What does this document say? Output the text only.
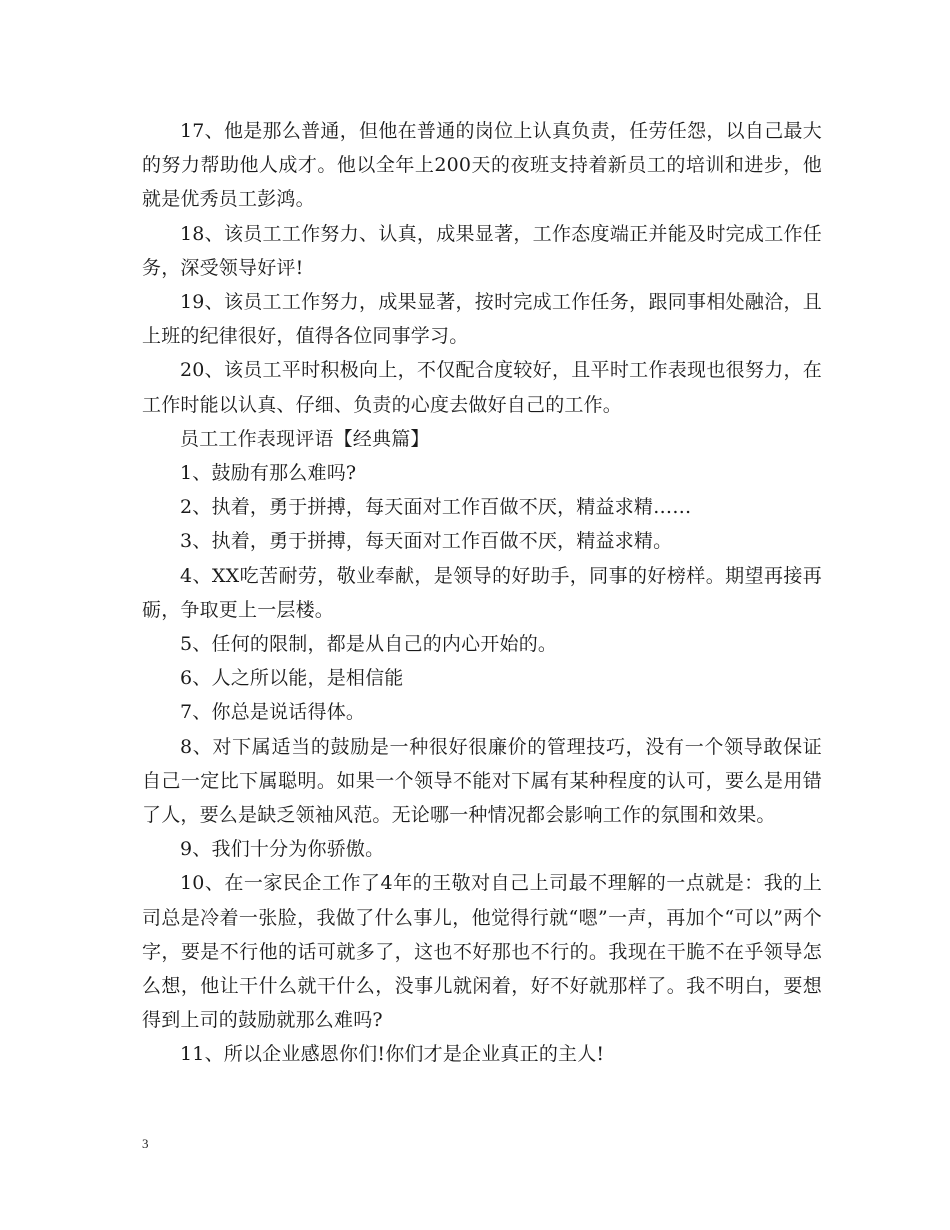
17、他是那么普通，但他在普通的岗位上认真负责，任劳任怨，以自己最大的努力帮助他人成才。他以全年上200天的夜班支持着新员工的培训和进步，他就是优秀员工彭鸿。

18、该员工工作努力、认真，成果显著，工作态度端正并能及时完成工作任务，深受领导好评!

19、该员工工作努力，成果显著，按时完成工作任务，跟同事相处融洽，且上班的纪律很好，值得各位同事学习。

20、该员工平时积极向上，不仅配合度较好，且平时工作表现也很努力，在工作时能以认真、仔细、负责的心度去做好自己的工作。

员工工作表现评语【经典篇】

1、鼓励有那么难吗?

2、执着，勇于拼搏，每天面对工作百做不厌，精益求精……

3、执着，勇于拼搏，每天面对工作百做不厌，精益求精。

4、XX吃苦耐劳，敬业奉献，是领导的好助手，同事的好榜样。期望再接再砺，争取更上一层楼。

5、任何的限制，都是从自己的内心开始的。

6、人之所以能，是相信能

7、你总是说话得体。

8、对下属适当的鼓励是一种很好很廉价的管理技巧，没有一个领导敢保证自己一定比下属聪明。如果一个领导不能对下属有某种程度的认可，要么是用错了人，要么是缺乏领袖风范。无论哪一种情况都会影响工作的氛围和效果。

9、我们十分为你骄傲。

10、在一家民企工作了4年的王敬对自己上司最不理解的一点就是：我的上司总是冷着一张脸，我做了什么事儿，他觉得行就“嗯”一声，再加个“可以”两个字，要是不行他的话可就多了，这也不好那也不行的。我现在干脆不在乎领导怎么想，他让干什么就干什么，没事儿就闲着，好不好就那样了。我不明白，要想得到上司的鼓励就那么难吗?

11、所以企业感恩你们!你们才是企业真正的主人!

3
